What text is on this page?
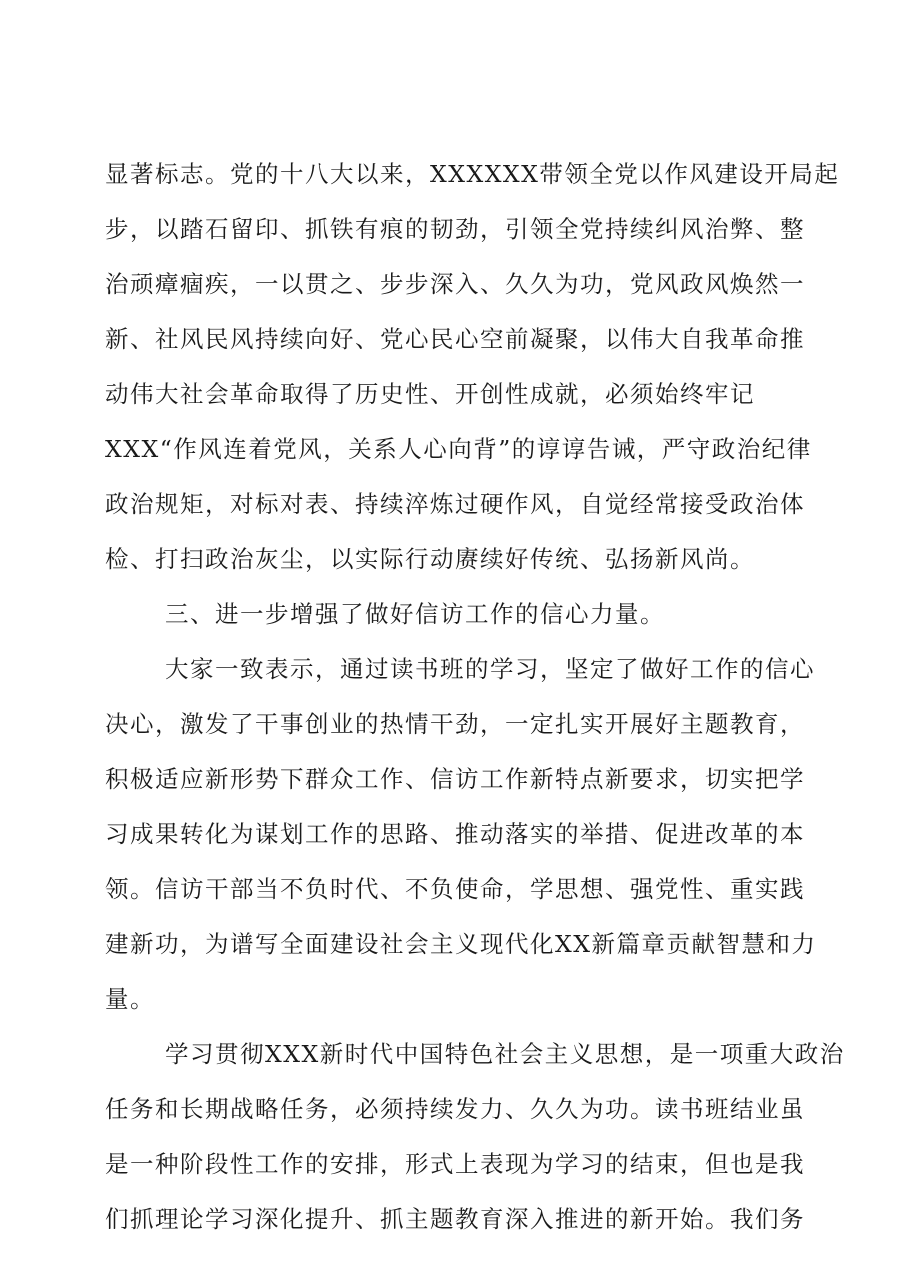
显著标志。党的十八大以来，XXXXXX带领全党以作风建设开局起
步，以踏石留印、抓铁有痕的韧劲，引领全党持续纠风治弊、整
治顽瘴痼疾，一以贯之、步步深入、久久为功，党风政风焕然一
新、社风民风持续向好、党心民心空前凝聚，以伟大自我革命推
动伟大社会革命取得了历史性、开创性成就，必须始终牢记
XXX“作风连着党风，关系人心向背”的谆谆告诫，严守政治纪律
政治规矩，对标对表、持续淬炼过硬作风，自觉经常接受政治体
检、打扫政治灰尘，以实际行动赓续好传统、弘扬新风尚。
三、进一步增强了做好信访工作的信心力量。
大家一致表示，通过读书班的学习，坚定了做好工作的信心
决心，激发了干事创业的热情干劲，一定扎实开展好主题教育，
积极适应新形势下群众工作、信访工作新特点新要求，切实把学
习成果转化为谋划工作的思路、推动落实的举措、促进改革的本
领。信访干部当不负时代、不负使命，学思想、强党性、重实践
建新功，为谱写全面建设社会主义现代化XX新篇章贡献智慧和力
量。
学习贯彻XXX新时代中国特色社会主义思想，是一项重大政治
任务和长期战略任务，必须持续发力、久久为功。读书班结业虽
是一种阶段性工作的安排，形式上表现为学习的结束，但也是我
们抓理论学习深化提升、抓主题教育深入推进的新开始。我们务
